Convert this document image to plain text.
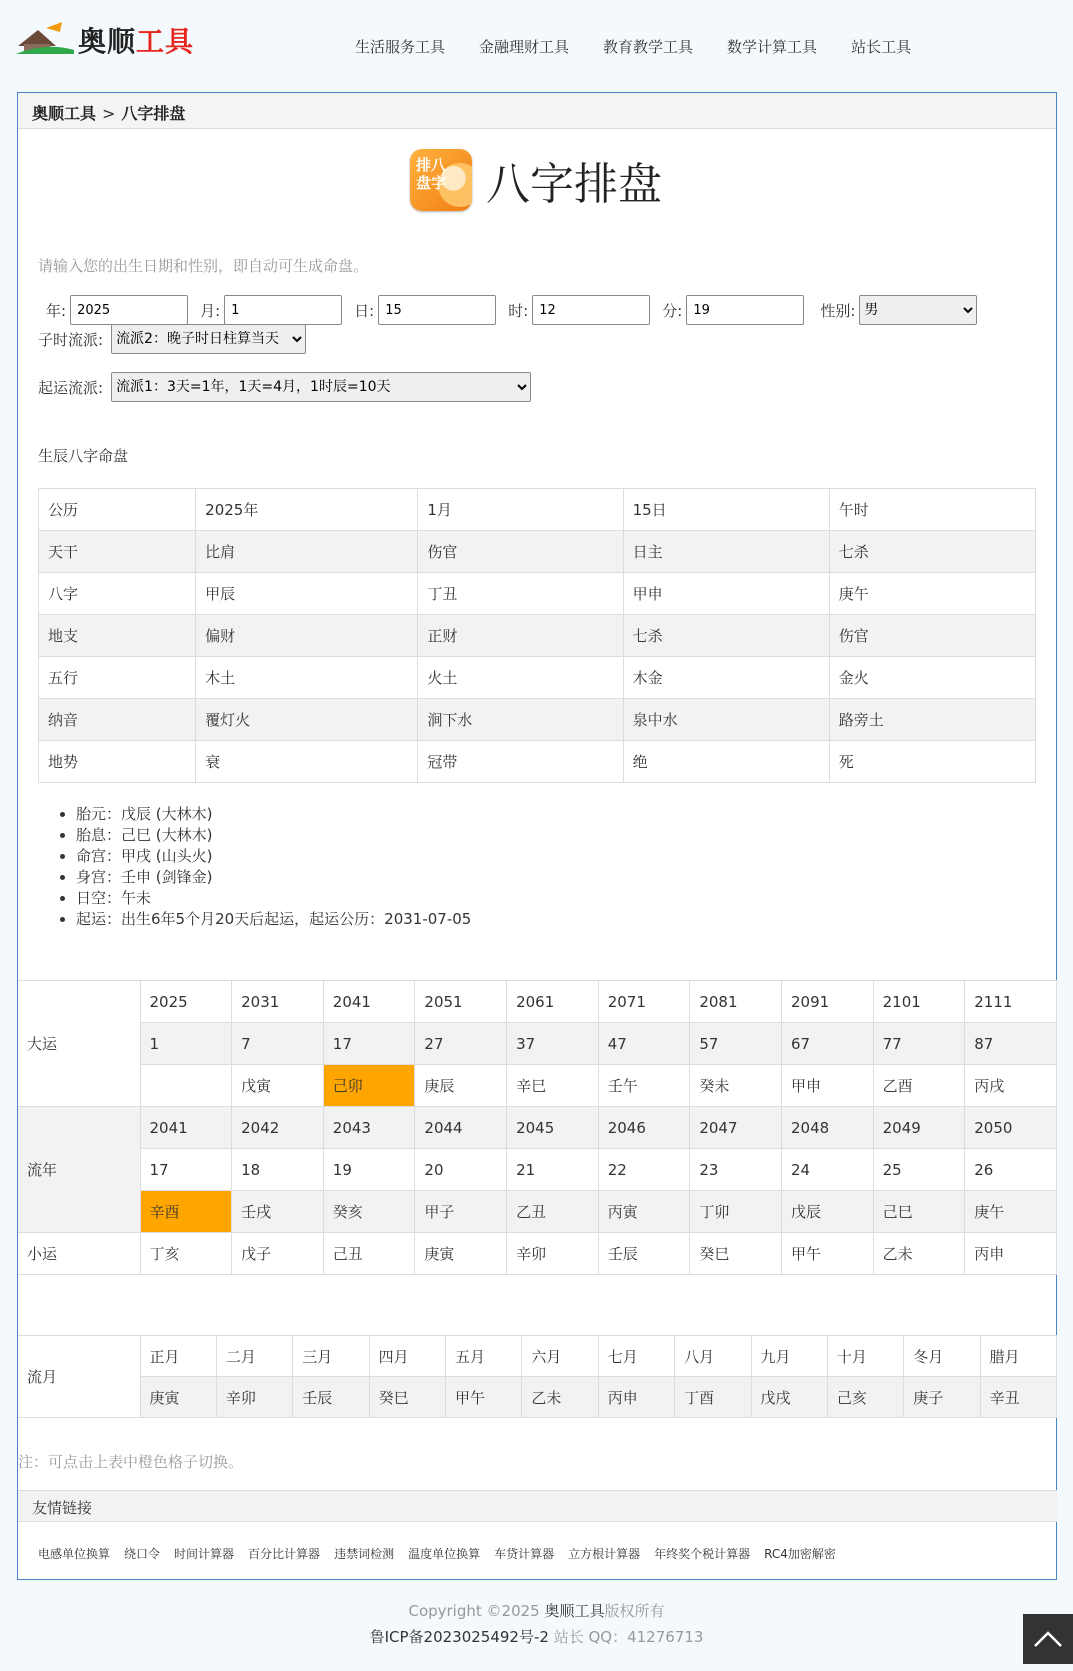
奥顺工具	生活服务工具 金融理财工具 教育教学工具 数学计算工具 站长工具
奥顺工具 > 八字排盘
排八
盘字 八字排盘

请输入您的出生日期和性别，即自动可生成命盘。

年:
2025	月:
1	日:
15	时:
12	分:
19	性别:
男
子时流派:
流派2：晚子时日柱算当天
起运流派:
流派1：3天=1年，1天=4月，1时辰=10天
生辰八字命盘
公历	2025年	1月	15日	午时
天干	比肩	伤官	日主	七杀
八字	甲辰	丁丑	甲申	庚午
地支	偏财	正财	七杀	伤官
五行	木土	火土	木金	金火
纳音	覆灯火	涧下水	泉中水	路旁土
地势	衰	冠带	绝	死
• 胎元：戊辰 (大林木)
• 胎息：己巳 (大林木)
• 命宫：甲戌 (山头火)
• 身宫：壬申 (剑锋金)
• 日空：午未
• 起运：出生6年5个月20天后起运，起运公历：2031-07-05
大运	2025	2031	2041	2051	2061	2071	2081	2091	2101	2111
	1	7	17	27	37	47	57	67	77	87
		戊寅	己卯	庚辰	辛巳	壬午	癸未	甲申	乙酉	丙戌
流年	2041	2042	2043	2044	2045	2046	2047	2048	2049	2050
	17	18	19	20	21	22	23	24	25	26
	辛酉	壬戌	癸亥	甲子	乙丑	丙寅	丁卯	戊辰	己巳	庚午
小运	丁亥	戊子	己丑	庚寅	辛卯	壬辰	癸巳	甲午	乙未	丙申
流月	正月	二月	三月	四月	五月	六月	七月	八月	九月	十月	冬月	腊月
	庚寅	辛卯	壬辰	癸巳	甲午	乙未	丙申	丁酉	戊戌	己亥	庚子	辛丑

注：可点击上表中橙色格子切换。

友情链接
电感单位换算 绕口令 时间计算器 百分比计算器 违禁词检测 温度单位换算 车贷计算器 立方根计算器 年终奖个税计算器 RC4加密解密
Copyright ©2025 奥顺工具版权所有
鲁ICP备2023025492号-2 站长 QQ：41276713
